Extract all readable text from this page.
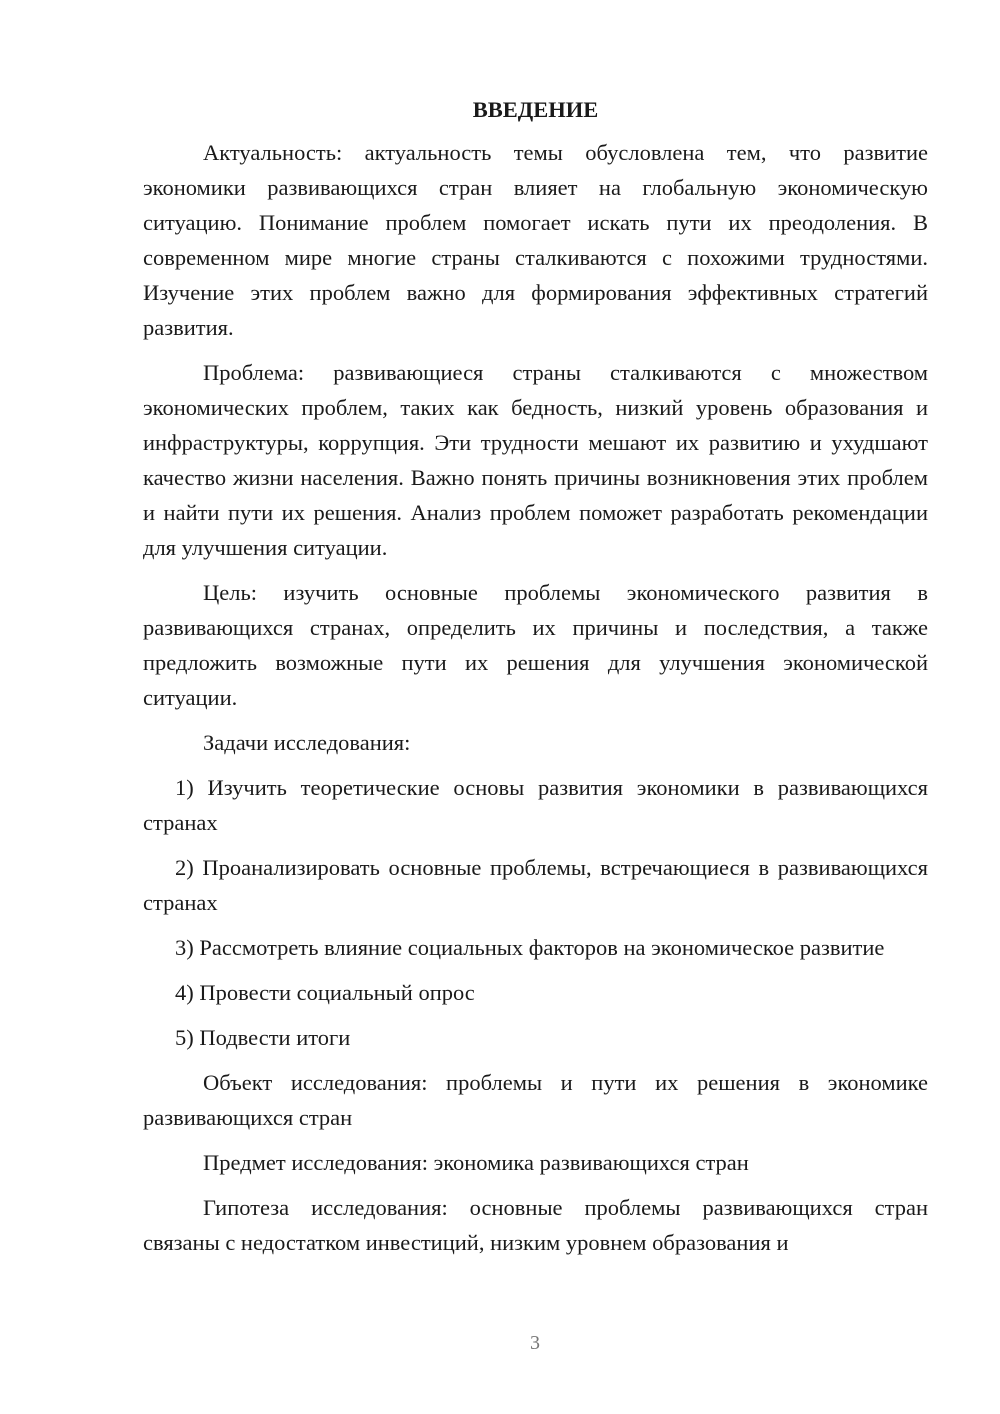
ВВЕДЕНИЕ

Актуальность: актуальность темы обусловлена тем, что развитие экономики развивающихся стран влияет на глобальную экономическую ситуацию. Понимание проблем помогает искать пути их преодоления. В современном мире многие страны сталкиваются с похожими трудностями. Изучение этих проблем важно для формирования эффективных стратегий развития.

Проблема: развивающиеся страны сталкиваются с множеством экономических проблем, таких как бедность, низкий уровень образования и инфраструктуры, коррупция. Эти трудности мешают их развитию и ухудшают качество жизни населения. Важно понять причины возникновения этих проблем и найти пути их решения. Анализ проблем поможет разработать рекомендации для улучшения ситуации.

Цель: изучить основные проблемы экономического развития в развивающихся странах, определить их причины и последствия, а также предложить возможные пути их решения для улучшения экономической ситуации.

Задачи исследования:

1) Изучить теоретические основы развития экономики в развивающихся странах

2) Проанализировать основные проблемы, встречающиеся в развивающихся странах

3) Рассмотреть влияние социальных факторов на экономическое развитие

4) Провести социальный опрос

5) Подвести итоги

Объект исследования: проблемы и пути их решения в экономике развивающихся стран

Предмет исследования: экономика развивающихся стран

Гипотеза исследования: основные проблемы развивающихся стран связаны с недостатком инвестиций, низким уровнем образования и

3
